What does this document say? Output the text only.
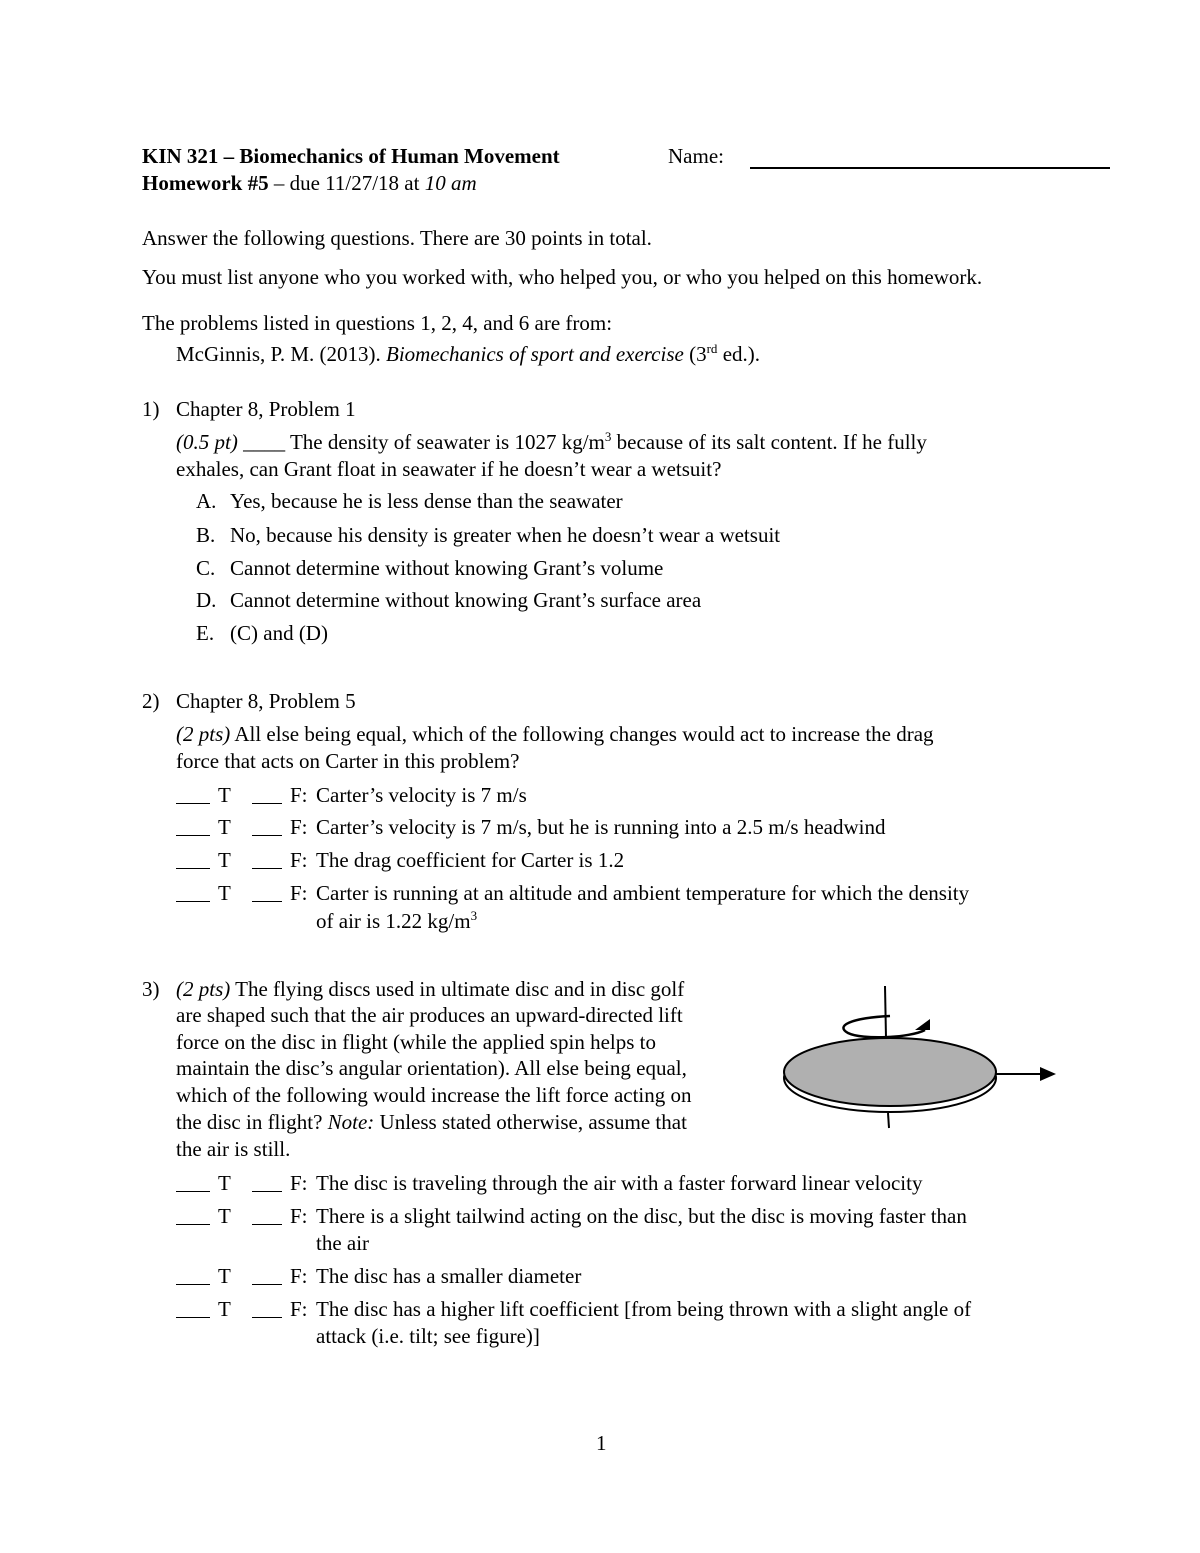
KIN 321 – Biomechanics of Human Movement	Name:
Homework #5 – due 11/27/18 at 10 am
Answer the following questions. There are 30 points in total.
You must list anyone who you worked with, who helped you, or who you helped on this homework.
The problems listed in questions 1, 2, 4, and 6 are from:
McGinnis, P. M. (2013). Biomechanics of sport and exercise (3rd ed.).
1) Chapter 8, Problem 1
(0.5 pt) ____ The density of seawater is 1027 $kg/m^3$ because of its salt content. If he fully
exhales, can Grant float in seawater if he doesn’t wear a wetsuit?
A. Yes, because he is less dense than the seawater
B. No, because his density is greater when he doesn’t wear a wetsuit
C. Cannot determine without knowing Grant’s volume
D. Cannot determine without knowing Grant’s surface area
E. (C) and (D)
2) Chapter 8, Problem 5
(2 pts) All else being equal, which of the following changes would act to increase the drag
force that acts on Carter in this problem?
T	F: Carter’s velocity is 7 m/s
T	F: Carter’s velocity is 7 m/s, but he is running into a 2.5 m/s headwind
T	F: The drag coefficient for Carter is 1.2
T	F: Carter is running at an altitude and ambient temperature for which the density
of air is 1.22 $kg/m^3$
3) (2 pts) The flying discs used in ultimate disc and in disc golf
are shaped such that the air produces an upward-directed lift
force on the disc in flight (while the applied spin helps to
maintain the disc’s angular orientation). All else being equal,
which of the following would increase the lift force acting on
the disc in flight? Note: Unless stated otherwise, assume that
the air is still.
T	F: The disc is traveling through the air with a faster forward linear velocity
T	F: There is a slight tailwind acting on the disc, but the disc is moving faster than
the air
T	F: The disc has a smaller diameter
T	F: The disc has a higher lift coefficient [from being thrown with a slight angle of
attack (i.e. tilt; see figure)]
1
